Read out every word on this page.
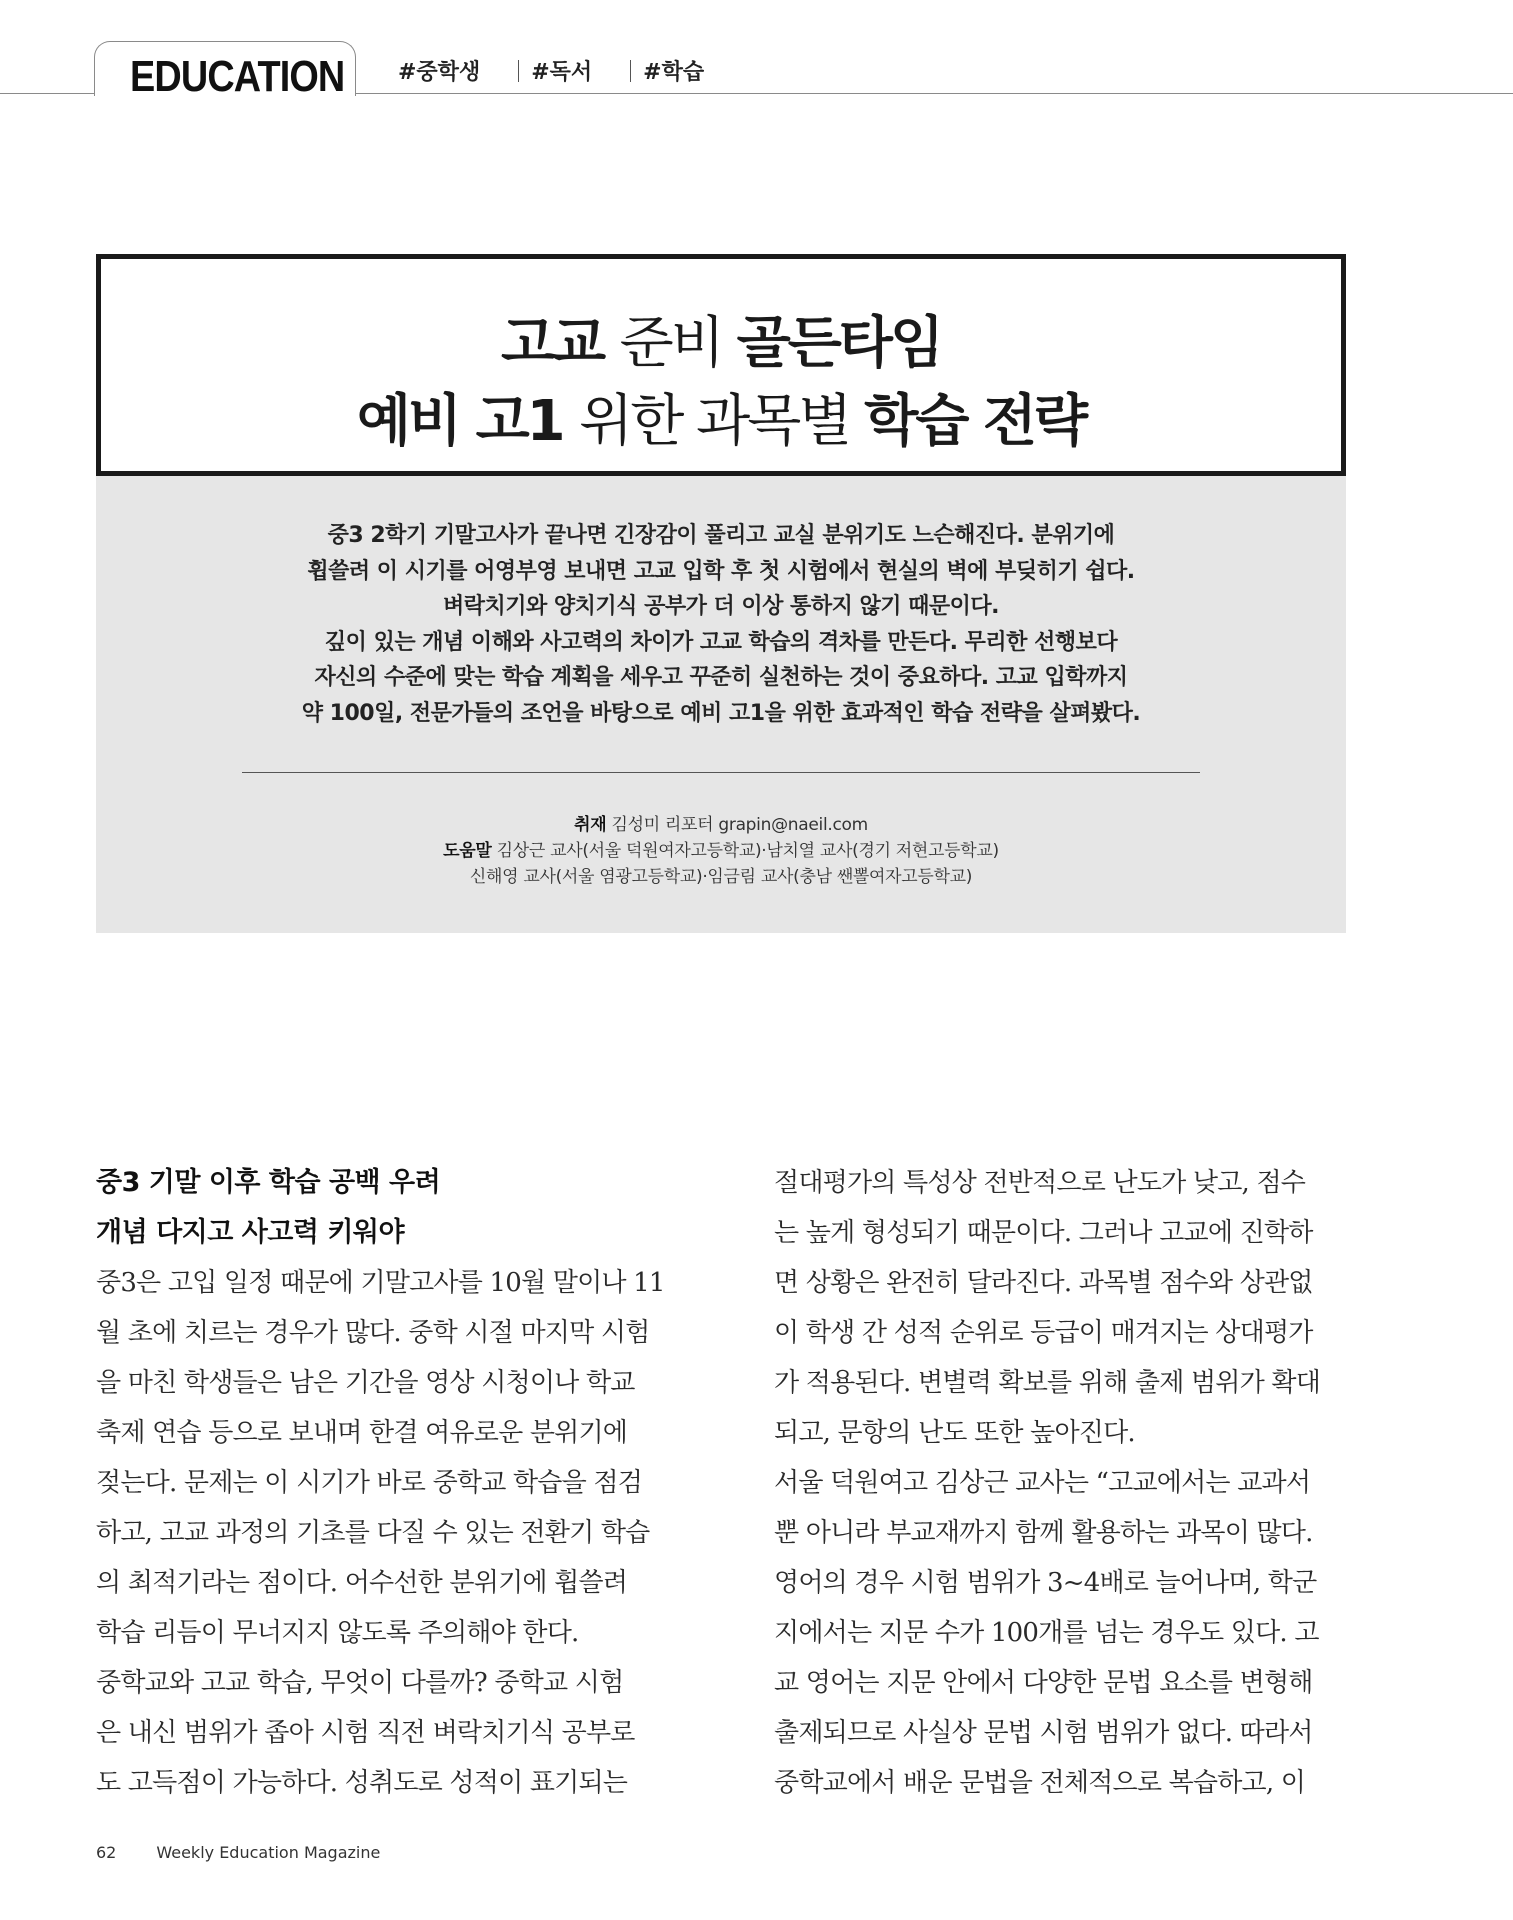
EDUCATION #중학생 #독서 #학습
고교 준비 골든타임
예비 고1 위한 과목별 학습 전략
중3 2학기 기말고사가 끝나면 긴장감이 풀리고 교실 분위기도 느슨해진다. 분위기에
휩쓸려 이 시기를 어영부영 보내면 고교 입학 후 첫 시험에서 현실의 벽에 부딪히기 쉽다.
벼락치기와 양치기식 공부가 더 이상 통하지 않기 때문이다.
깊이 있는 개념 이해와 사고력의 차이가 고교 학습의 격차를 만든다. 무리한 선행보다
자신의 수준에 맞는 학습 계획을 세우고 꾸준히 실천하는 것이 중요하다. 고교 입학까지
약 100일, 전문가들의 조언을 바탕으로 예비 고1을 위한 효과적인 학습 전략을 살펴봤다.
취재 김성미 리포터 grapin@naeil.com
도움말 김상근 교사(서울 덕원여자고등학교)·남치열 교사(경기 저현고등학교)
신해영 교사(서울 염광고등학교)·임금림 교사(충남 쌘뽈여자고등학교)
중3 기말 이후 학습 공백 우려
개념 다지고 사고력 키워야
중3은 고입 일정 때문에 기말고사를 10월 말이나 11
월 초에 치르는 경우가 많다. 중학 시절 마지막 시험
을 마친 학생들은 남은 기간을 영상 시청이나 학교
축제 연습 등으로 보내며 한결 여유로운 분위기에
젖는다. 문제는 이 시기가 바로 중학교 학습을 점검
하고, 고교 과정의 기초를 다질 수 있는 전환기 학습
의 최적기라는 점이다. 어수선한 분위기에 휩쓸려
학습 리듬이 무너지지 않도록 주의해야 한다.
중학교와 고교 학습, 무엇이 다를까? 중학교 시험
은 내신 범위가 좁아 시험 직전 벼락치기식 공부로
도 고득점이 가능하다. 성취도로 성적이 표기되는
절대평가의 특성상 전반적으로 난도가 낮고, 점수
는 높게 형성되기 때문이다. 그러나 고교에 진학하
면 상황은 완전히 달라진다. 과목별 점수와 상관없
이 학생 간 성적 순위로 등급이 매겨지는 상대평가
가 적용된다. 변별력 확보를 위해 출제 범위가 확대
되고, 문항의 난도 또한 높아진다.
서울 덕원여고 김상근 교사는 “고교에서는 교과서
뿐 아니라 부교재까지 함께 활용하는 과목이 많다.
영어의 경우 시험 범위가 3~4배로 늘어나며, 학군
지에서는 지문 수가 100개를 넘는 경우도 있다. 고
교 영어는 지문 안에서 다양한 문법 요소를 변형해
출제되므로 사실상 문법 시험 범위가 없다. 따라서
중학교에서 배운 문법을 전체적으로 복습하고, 이
62	Weekly Education Magazine
